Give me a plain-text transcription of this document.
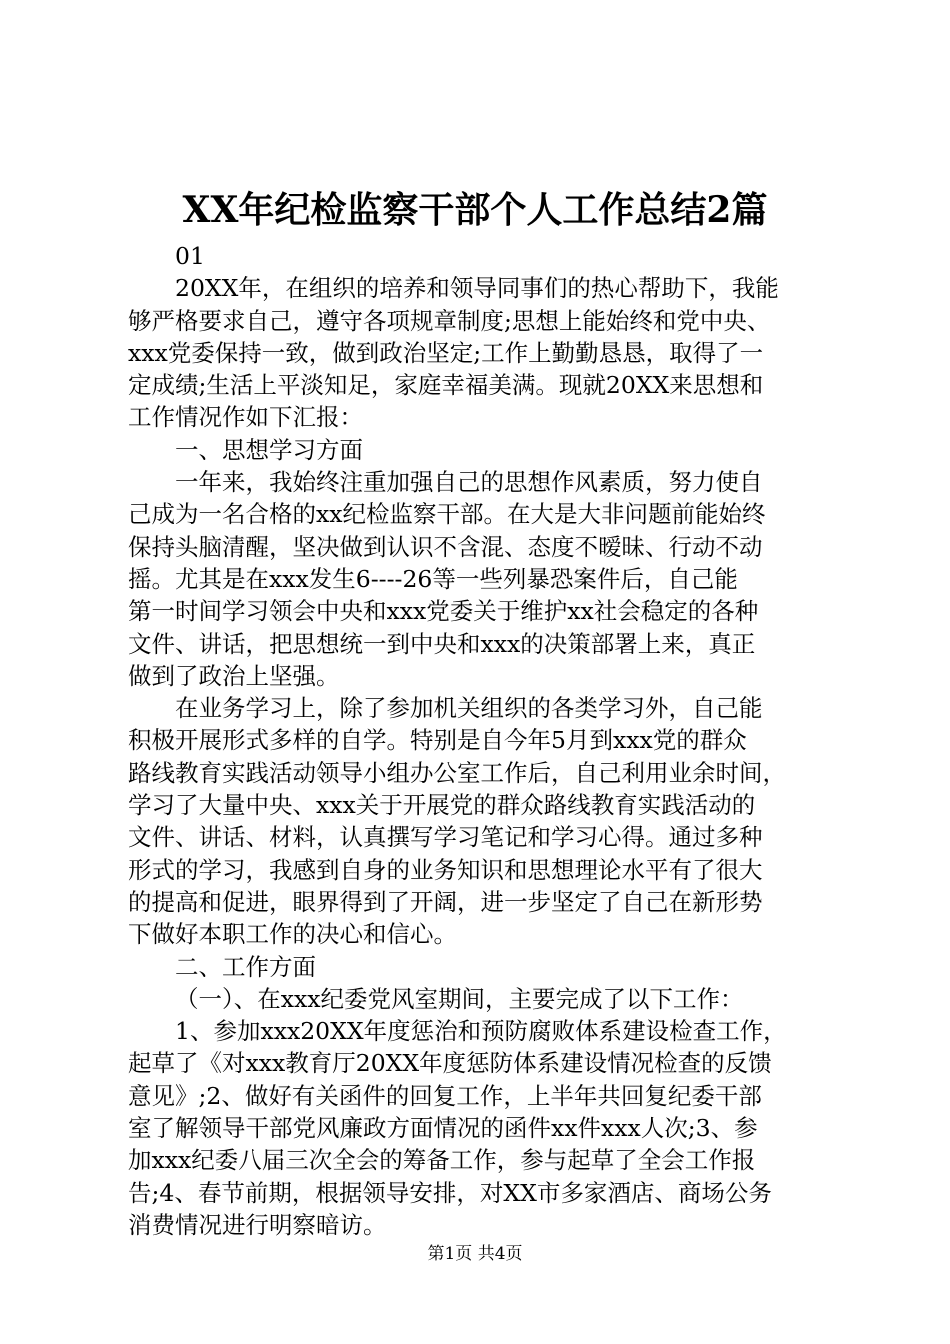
XX年纪检监察干部个人工作总结2篇
01
20XX年，在组织的培养和领导同事们的热心帮助下，我能
够严格要求自己，遵守各项规章制度;思想上能始终和党中央、
xxx党委保持一致，做到政治坚定;工作上勤勤恳恳，取得了一
定成绩;生活上平淡知足，家庭幸福美满。现就20XX来思想和
工作情况作如下汇报：
一、思想学习方面
一年来，我始终注重加强自己的思想作风素质，努力使自
己成为一名合格的xx纪检监察干部。在大是大非问题前能始终
保持头脑清醒，坚决做到认识不含混、态度不暧昧、行动不动
摇。尤其是在xxx发生6----26等一些列暴恐案件后，自己能
第一时间学习领会中央和xxx党委关于维护xx社会稳定的各种
文件、讲话，把思想统一到中央和xxx的决策部署上来，真正
做到了政治上坚强。
在业务学习上，除了参加机关组织的各类学习外，自己能
积极开展形式多样的自学。特别是自今年5月到xxx党的群众
路线教育实践活动领导小组办公室工作后，自己利用业余时间，
学习了大量中央、xxx关于开展党的群众路线教育实践活动的
文件、讲话、材料，认真撰写学习笔记和学习心得。通过多种
形式的学习，我感到自身的业务知识和思想理论水平有了很大
的提高和促进，眼界得到了开阔，进一步坚定了自己在新形势
下做好本职工作的决心和信心。
二、工作方面
（一）、在xxx纪委党风室期间，主要完成了以下工作：
1、参加xxx20XX年度惩治和预防腐败体系建设检查工作，
起草了《对xxx教育厅20XX年度惩防体系建设情况检查的反馈
意见》;2、做好有关函件的回复工作，上半年共回复纪委干部
室了解领导干部党风廉政方面情况的函件xx件xxx人次;3、参
加xxx纪委八届三次全会的筹备工作，参与起草了全会工作报
告;4、春节前期，根据领导安排，对XX市多家酒店、商场公务
消费情况进行明察暗访。
第1页 共4页
